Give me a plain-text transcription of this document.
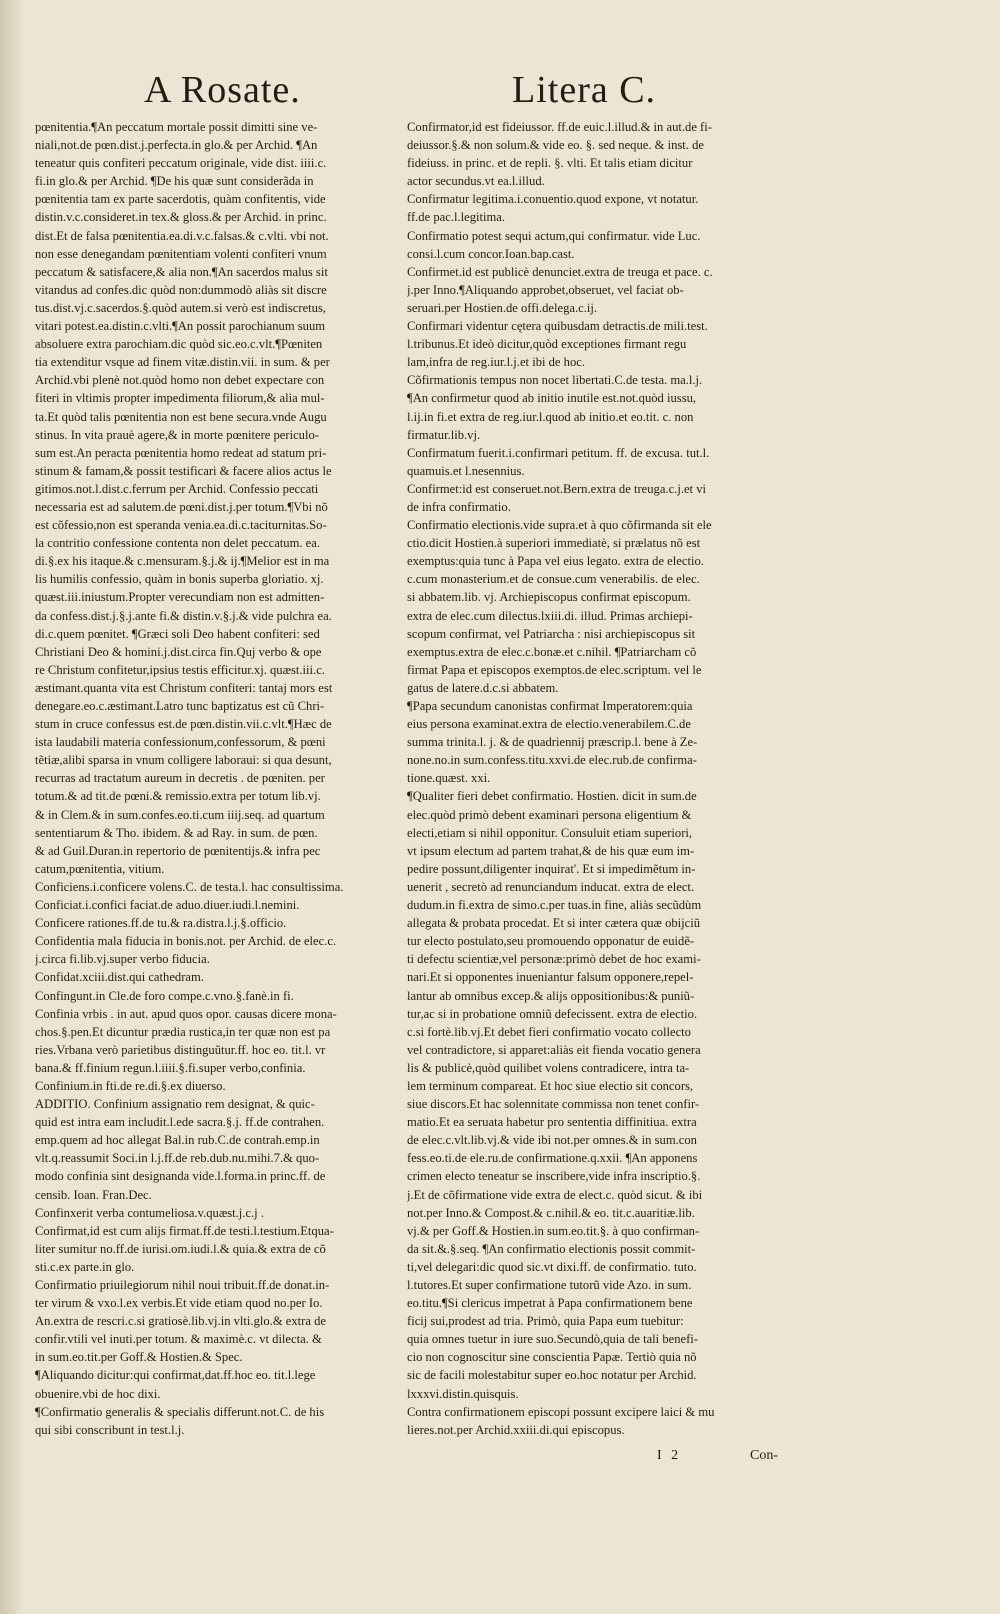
A Rosate.	Litera C.
pœnitentia.¶An peccatum mortale possit dimitti sine ve-
niali,not.de pœn.dist.j.perfecta.in glo.& per Archid. ¶An
teneatur quis confiteri peccatum originale, vide dist. iiii.c.
fi.in glo.& per Archid. ¶De his quæ sunt considerãda in
pœnitentia tam ex parte sacerdotis, quàm confitentis, vide
distin.v.c.consideret.in tex.& gloss.& per Archid. in princ.
dist.Et de falsa pœnitentia.ea.di.v.c.falsas.& c.vlti. vbi not.
non esse denegandam pœnitentiam volenti confiteri vnum
peccatum & satisfacere,& alia non.¶An sacerdos malus sit
vitandus ad confes.dic quòd non:dummodò aliàs sit discre
tus.dist.vj.c.sacerdos.§.quòd autem.si verò est indiscretus,
vitari potest.ea.distin.c.vlti.¶An possit parochianum suum
absoluere extra parochiam.dic quòd sic.eo.c.vlt.¶Pœniten
tia extenditur vsque ad finem vitæ.distin.vii. in sum. & per
Archid.vbi plenè not.quòd homo non debet expectare con
fiteri in vltimis propter impedimenta filiorum,& alia mul-
ta.Et quòd talis pœnitentia non est bene secura.vnde Augu
stinus. In vita prauè agere,& in morte pœnitere periculo-
sum est.An peracta pœnitentia homo redeat ad statum pri-
stinum & famam,& possit testificari & facere alios actus le
gitimos.not.l.dist.c.ferrum per Archid. Confessio peccati
necessaria est ad salutem.de pœni.dist.j.per totum.¶Vbi nõ
est cõfessio,non est speranda venia.ea.di.c.taciturnitas.So-
la contritio confessione contenta non delet peccatum. ea.
di.§.ex his itaque.& c.mensuram.§.j.& ij.¶Melior est in ma
lis humilis confessio, quàm in bonis superba gloriatio. xj.
quæst.iii.iniustum.Propter verecundiam non est admitten-
da confess.dist.j.§.j.ante fi.& distin.v.§.j.& vide pulchra ea.
di.c.quem pœnitet. ¶Græci soli Deo habent confiteri: sed
Christiani Deo & homini.j.dist.circa fin.Quj verbo & ope
re Christum confitetur,ipsius testis efficitur.xj. quæst.iii.c.
æstimant.quanta vita est Christum confiteri: tantaj mors est
denegare.eo.c.æstimant.Latro tunc baptizatus est cũ Chri-
stum in cruce confessus est.de pœn.distin.vii.c.vlt.¶Hæc de
ista laudabili materia confessionum,confessorum, & pœni
tẽtiæ,alibi sparsa in vnum colligere laboraui: si qua desunt,
recurras ad tractatum aureum in decretis . de pœniten. per
totum.& ad tit.de pœni.& remissio.extra per totum lib.vj.
& in Clem.& in sum.confes.eo.ti.cum iiij.seq. ad quartum
sententiarum & Tho. ibidem. & ad Ray. in sum. de pœn.
& ad Guil.Duran.in repertorio de pœnitentijs.& infra pec
catum,pœnitentia, vitium.
Conficiens.i.conficere volens.C. de testa.l. hac consultissima.
Conficiat.i.confici faciat.de aduo.diuer.iudi.l.nemini.
Conficere rationes.ff.de tu.& ra.distra.l.j.§.officio.
Confidentia mala fiducia in bonis.not. per Archid. de elec.c.
j.circa fi.lib.vj.super verbo fiducia.
Confidat.xciii.dist.qui cathedram.
Confingunt.in Cle.de foro compe.c.vno.§.fanè.in fi.
Confinia vrbis . in aut. apud quos opor. causas dicere mona-
chos.§.pen.Et dicuntur prædia rustica,in ter quæ non est pa
ries.Vrbana verò parietibus distinguũtur.ff. hoc eo. tit.l. vr
bana.& ff.finium regun.l.iiii.§.fi.super verbo,confinia.
Confinium.in fti.de re.di.§.ex diuerso.
ADDITIO. Confinium assignatio rem designat, & quic-
quid est intra eam includit.l.ede sacra.§.j. ff.de contrahen.
emp.quem ad hoc allegat Bal.in rub.C.de contrah.emp.in
vlt.q.reassumit Soci.in l.j.ff.de reb.dub.nu.mihi.7.& quo-
modo confinia sint designanda vide.l.forma.in princ.ff. de
censib. Ioan. Fran.Dec.
Confinxerit verba contumeliosa.v.quæst.j.c.j .
Confirmat,id est cum alijs firmat.ff.de testi.l.testium.Etqua-
liter sumitur no.ff.de iurisi.om.iudi.l.& quia.& extra de cõ
sti.c.ex parte.in glo.
Confirmatio priuilegiorum nihil noui tribuit.ff.de donat.in-
ter virum & vxo.l.ex verbis.Et vide etiam quod no.per Io.
An.extra de rescri.c.si gratiosè.lib.vj.in vlti.glo.& extra de
confir.vtili vel inuti.per totum. & maximè.c. vt dilecta. &
in sum.eo.tit.per Goff.& Hostien.& Spec.
¶Aliquando dicitur:qui confirmat,dat.ff.hoc eo. tit.l.lege
obuenire.vbi de hoc dixi.
¶Confirmatio generalis & specialis differunt.not.C. de his
qui sibi conscribunt in test.l.j.
Confirmator,id est fideiussor. ff.de euic.l.illud.& in aut.de fi-
deiussor.§.& non solum.& vide eo. §. sed neque. & inst. de
fideiuss. in princ. et de repli. §. vlti. Et talis etiam dicitur
actor secundus.vt ea.l.illud.
Confirmatur legitima.i.conuentio.quod expone, vt notatur.
ff.de pac.l.legitima.
Confirmatio potest sequi actum,qui confirmatur. vide Luc.
consi.l.cum concor.Ioan.bap.cast.
Confirmet.id est publicè denunciet.extra de treuga et pace. c.
j.per Inno.¶Aliquando approbet,obseruet, vel faciat ob-
seruari.per Hostien.de offi.delega.c.ij.
Confirmari videntur cętera quibusdam detractis.de mili.test.
l.tribunus.Et ideò dicitur,quòd exceptiones firmant regu
lam,infra de reg.iur.l.j.et ibi de hoc.
Cõfirmationis tempus non nocet libertati.C.de testa. ma.l.j.
¶An confirmetur quod ab initio inutile est.not.quòd iussu,
l.ij.in fi.et extra de reg.iur.l.quod ab initio.et eo.tit. c. non
firmatur.lib.vj.
Confirmatum fuerit.i.confirmari petitum. ff. de excusa. tut.l.
quamuis.et l.nesennius.
Confirmet:id est conseruet.not.Bern.extra de treuga.c.j.et vi
de infra confirmatio.
Confirmatio electionis.vide supra.et à quo cõfirmanda sit ele
ctio.dicit Hostien.à superiori immediatè, si prælatus nõ est
exemptus:quia tunc à Papa vel eius legato. extra de electio.
c.cum monasterium.et de consue.cum venerabilis. de elec.
si abbatem.lib. vj. Archiepiscopus confirmat episcopum.
extra de elec.cum dilectus.lxiii.di. illud. Primas archiepi-
scopum confirmat, vel Patriarcha : nisi archiepiscopus sit
exemptus.extra de elec.c.bonæ.et c.nihil. ¶Patriarcham cõ
firmat Papa et episcopos exemptos.de elec.scriptum. vel le
gatus de latere.d.c.si abbatem.
¶Papa secundum canonistas confirmat Imperatorem:quia
eius persona examinat.extra de electio.venerabilem.C.de
summa trinita.l. j. & de quadriennij præscrip.l. bene à Ze-
none.no.in sum.confess.titu.xxvi.de elec.rub.de confirma-
tione.quæst. xxi.
¶Qualiter fieri debet confirmatio. Hostien. dicit in sum.de
elec.quòd primò debent examinari persona eligentium &
electi,etiam si nihil opponitur. Consuluit etiam superiori,
vt ipsum electum ad partem trahat,& de his quæ eum im-
pedire possunt,diligenter inquirat'. Et si impedimẽtum in-
uenerit , secretò ad renunciandum inducat. extra de elect.
dudum.in fi.extra de simo.c.per tuas.in fine, aliàs secũdùm
allegata & probata procedat. Et si inter cætera quæ obijciũ
tur electo postulato,seu promouendo opponatur de euidẽ-
ti defectu scientiæ,vel personæ:primò debet de hoc exami-
nari.Et si opponentes inueniantur falsum opponere,repel-
lantur ab omnibus excep.& alijs oppositionibus:& puniũ-
tur,ac si in probatione omniũ defecissent. extra de electio.
c.si fortè.lib.vj.Et debet fieri confirmatio vocato collecto
vel contradictore, si apparet:aliàs eit fienda vocatio genera
lis & publicè,quòd quilibet volens contradicere, intra ta-
lem terminum compareat. Et hoc siue electio sit concors,
siue discors.Et hac solennitate commissa non tenet confir-
matio.Et ea seruata habetur pro sententia diffinitiua. extra
de elec.c.vlt.lib.vj.& vide ibi not.per omnes.& in sum.con
fess.eo.ti.de ele.ru.de confirmatione.q.xxii. ¶An apponens
crimen electo teneatur se inscribere,vide infra inscriptio.§.
j.Et de cõfirmatione vide extra de elect.c. quòd sicut. & ibi
not.per Inno.& Compost.& c.nihil.& eo. tit.c.auaritiæ.lib.
vj.& per Goff.& Hostien.in sum.eo.tit.§. à quo confirman-
da sit.&.§.seq. ¶An confirmatio electionis possit commit-
ti,vel delegari:dic quod sic.vt dixi.ff. de confirmatio. tuto.
l.tutores.Et super confirmatione tutorũ vide Azo. in sum.
eo.titu.¶Si clericus impetrat à Papa confirmationem bene
ficij sui,prodest ad tria. Primò, quia Papa eum tuebitur:
quia omnes tuetur in iure suo.Secundò,quia de tali benefi-
cio non cognoscitur sine conscientia Papæ. Tertiò quia nõ
sic de facili molestabitur super eo.hoc notatur per Archid.
lxxxvi.distin.quisquis.
Contra confirmationem episcopi possunt excipere laici & mu
lieres.not.per Archid.xxiii.di.qui episcopus.
I 2	Con-
